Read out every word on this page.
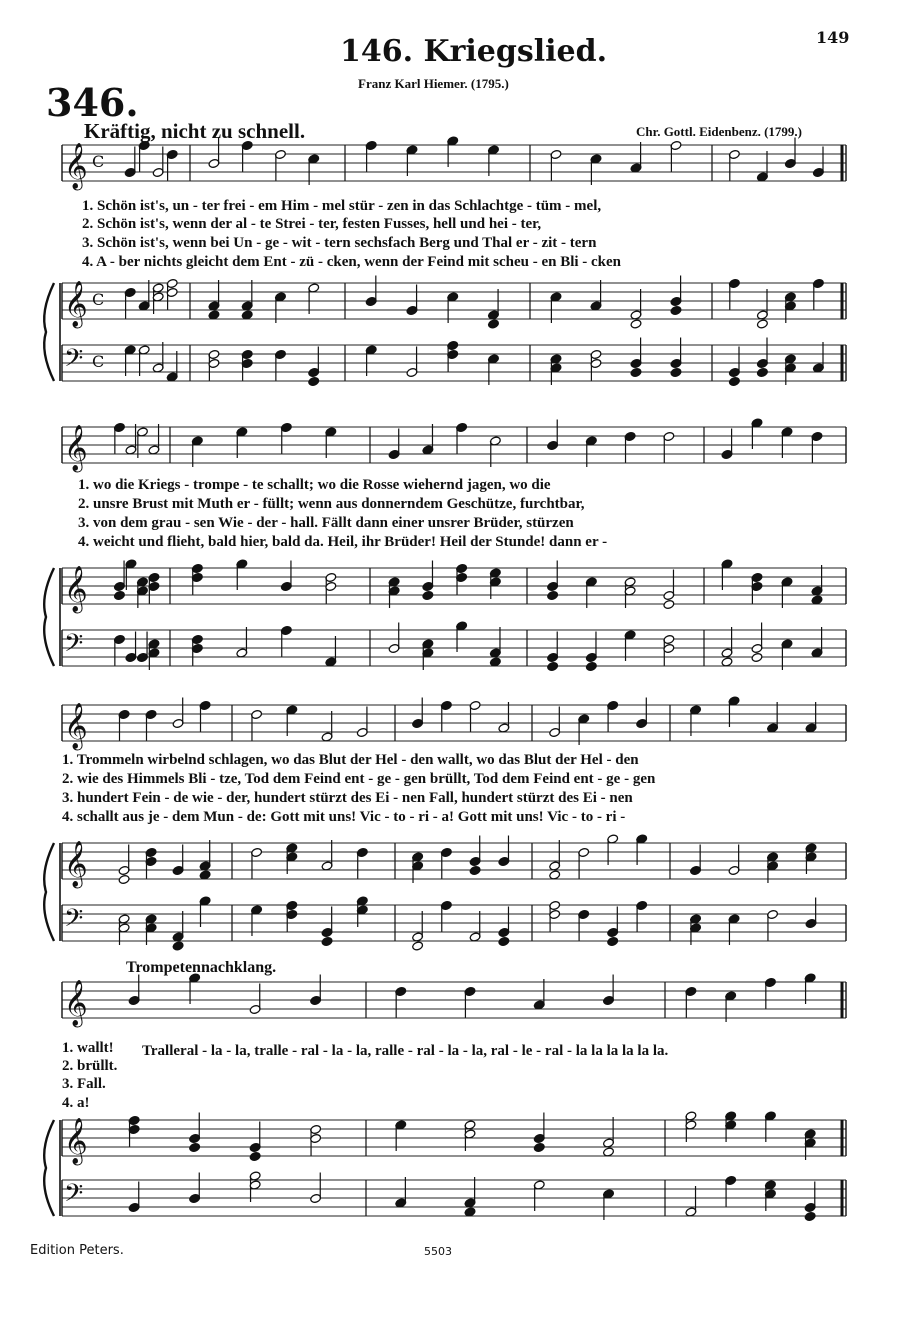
𝄞 C
𝄞 C
𝄢 C
𝄞
𝄞
𝄢
𝄞
𝄞
𝄢
𝄞
𝄞
𝄢
146. Kriegslied.	149
Franz Karl Hiemer. (1795.)
346.
Kräftig, nicht zu schnell.	Chr. Gottl. Eidenbenz. (1799.)
1. Schön ist's, un - ter frei - em Him - mel stür - zen in das Schlachtge - tüm - mel,
2. Schön ist's, wenn der al - te Strei - ter, festen Fusses, hell und hei - ter,
3. Schön ist's, wenn bei Un - ge - wit - tern sechsfach Berg und Thal er - zit - tern
4. A - ber nichts gleicht dem Ent - zü - cken, wenn der Feind mit scheu - en Bli - cken
1. wo die Kriegs - trompe - te schallt; wo die Rosse wiehernd jagen, wo die
2. unsre Brust mit Muth er - füllt; wenn aus donnerndem Geschütze, furchtbar,
3. von dem grau - sen Wie - der - hall. Fällt dann einer unsrer Brüder, stürzen
4. weicht und flieht, bald hier, bald da. Heil, ihr Brüder! Heil der Stunde! dann er -
1. Trommeln wirbelnd schlagen, wo das Blut der Hel - den wallt, wo das Blut der Hel - den
2. wie des Himmels Bli - tze, Tod dem Feind ent - ge - gen brüllt, Tod dem Feind ent - ge - gen
3. hundert Fein - de wie - der, hundert stürzt des Ei - nen Fall, hundert stürzt des Ei - nen
4. schallt aus je - dem Mun - de: Gott mit uns! Vic - to - ri - a! Gott mit uns! Vic - to - ri -
Trompetennachklang.
1. wallt!
2. brüllt.
3. Fall.
4. a!
Tralleral - la - la, tralle - ral - la - la, ralle - ral - la - la, ral - le - ral - la la la la la la.
Edition Peters.	5503
